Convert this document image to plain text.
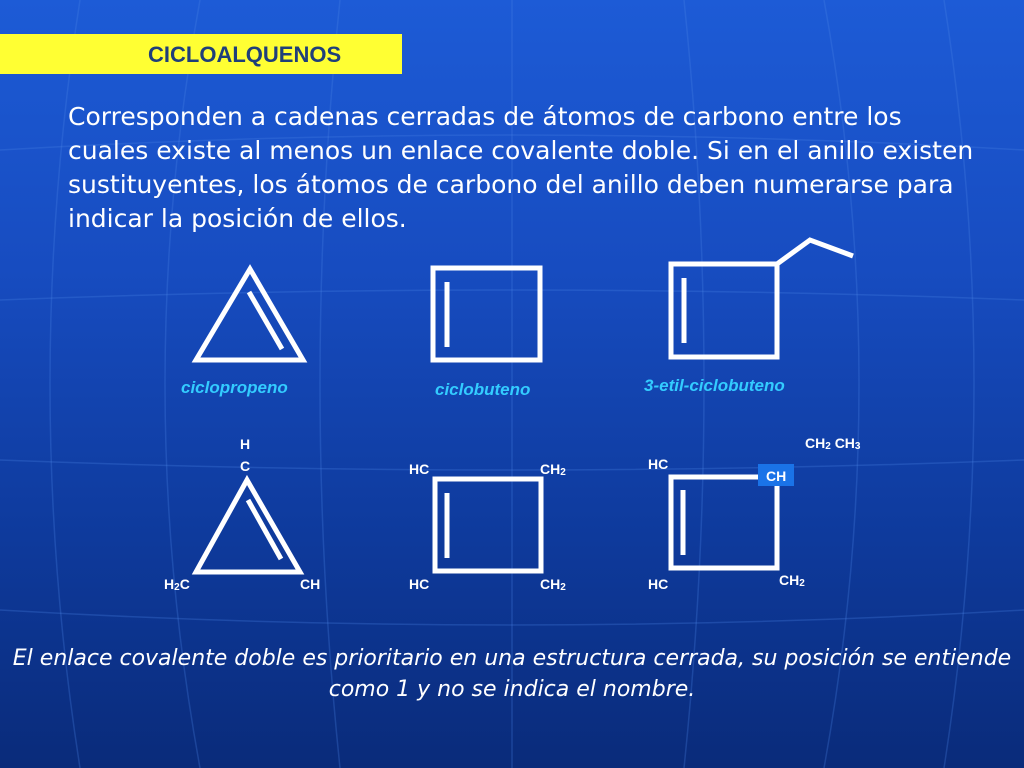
CICLOALQUENOS

Corresponden a cadenas cerradas de átomos de carbono entre los cuales existe al menos un enlace covalente doble. Si en el anillo existen sustituyentes, los átomos de carbono del anillo deben numerarse para indicar la posición de ellos.

ciclopropeno	ciclobuteno	3-etil-ciclobuteno
H
C
$H_2C$	CH
HC	$CH_2$
HC	$CH_2$
HC
CH
$CH_2$ $CH_3$
HC	$CH_2$

El enlace covalente doble es prioritario en una estructura cerrada, su posición se entiende como 1 y no se indica el nombre.
